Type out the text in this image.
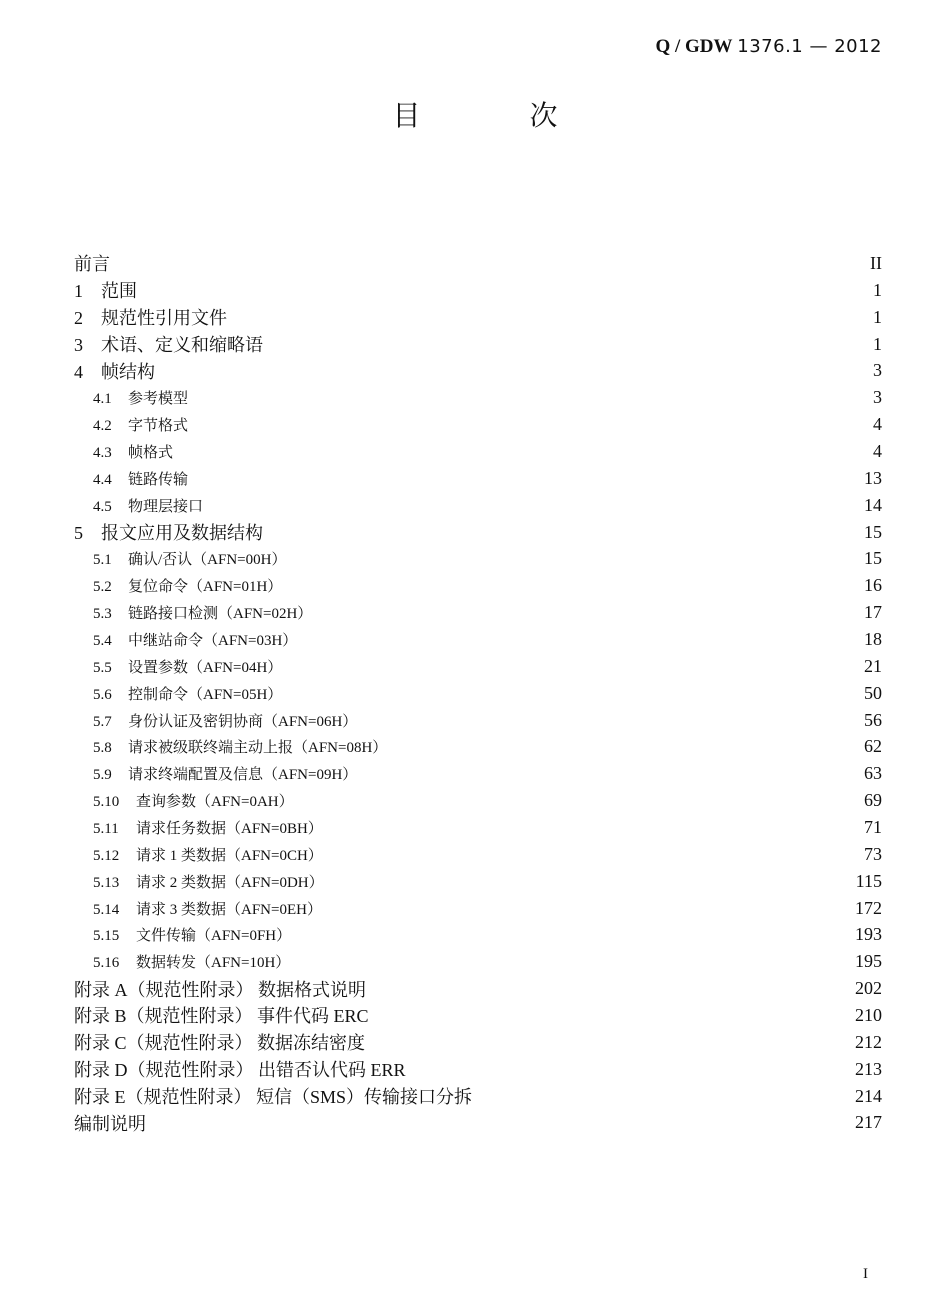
Q / GDW 1376.1 — 2012
目 次
前言	II
1	范围	1
2	规范性引用文件	1
3	术语、定义和缩略语	1
4	帧结构	3
4.1	参考模型	3
4.2	字节格式	4
4.3	帧格式	4
4.4	链路传输	13
4.5	物理层接口	14
5	报文应用及数据结构	15
5.1	确认/否认（AFN=00H）	15
5.2	复位命令（AFN=01H）	16
5.3	链路接口检测（AFN=02H）	17
5.4	中继站命令（AFN=03H）	18
5.5	设置参数（AFN=04H）	21
5.6	控制命令（AFN=05H）	50
5.7	身份认证及密钥协商（AFN=06H）	56
5.8	请求被级联终端主动上报（AFN=08H）	62
5.9	请求终端配置及信息（AFN=09H）	63
5.10	查询参数（AFN=0AH）	69
5.11	请求任务数据（AFN=0BH）	71
5.12	请求 1 类数据（AFN=0CH）	73
5.13	请求 2 类数据（AFN=0DH）	115
5.14	请求 3 类数据（AFN=0EH）	172
5.15	文件传输（AFN=0FH）	193
5.16	数据转发（AFN=10H）	195
附录 A（规范性附录） 数据格式说明	202
附录 B（规范性附录） 事件代码 ERC	210
附录 C（规范性附录） 数据冻结密度	212
附录 D（规范性附录） 出错否认代码 ERR	213
附录 E（规范性附录） 短信（SMS）传输接口分拆	214
编制说明	217
I
